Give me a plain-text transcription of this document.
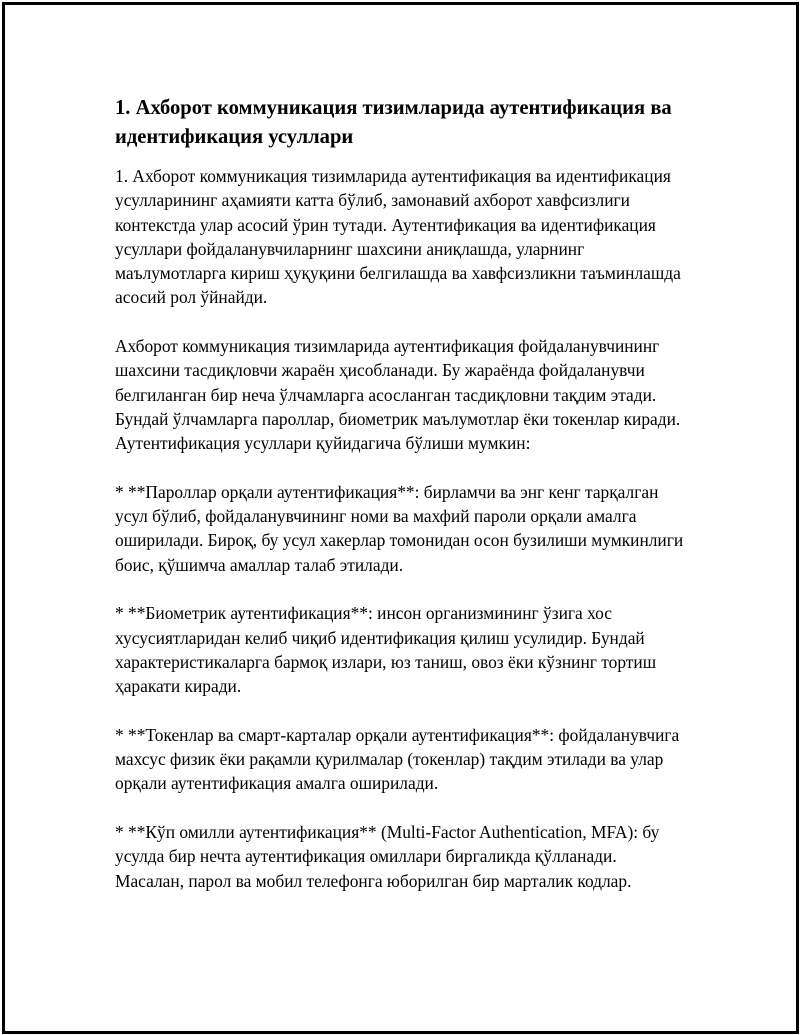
1. Ахборот коммуникация тизимларида аутентификация ва идентификация усуллари

1. Ахборот коммуникация тизимларида аутентификация ва идентификация усулларининг аҳамияти катта бўлиб, замонавий ахборот хавфсизлиги контекстда улар асосий ўрин тутади. Аутентификация ва идентификация усуллари фойдаланувчиларнинг шахсини аниқлашда, уларнинг маълумотларга кириш ҳуқуқини белгилашда ва хавфсизликни таъминлашда асосий рол ўйнайди.

Ахборот коммуникация тизимларида аутентификация фойдаланувчининг шахсини тасдиқловчи жараён ҳисобланади. Бу жараёнда фойдаланувчи белгиланган бир неча ўлчамларга асосланган тасдиқловни тақдим этади. Бундай ўлчамларга пароллар, биометрик маълумотлар ёки токенлар киради. Аутентификация усуллари қуйидагича бўлиши мумкин:

* **Пароллар орқали аутентификация**: бирламчи ва энг кенг тарқалган усул бўлиб, фойдаланувчининг номи ва махфий пароли орқали амалга оширилади. Бироқ, бу усул хакерлар томонидан осон бузилиши мумкинлиги боис, қўшимча амаллар талаб этилади.

* **Биометрик аутентификация**: инсон организмининг ўзига хос хусусиятларидан келиб чиқиб идентификация қилиш усулидир. Бундай характеристикаларга бармоқ излари, юз таниш, овоз ёки кўзнинг тортиш ҳаракати киради.

* **Токенлар ва смарт-карталар орқали аутентификация**: фойдаланувчига махсус физик ёки рақамли қурилмалар (токенлар) тақдим этилади ва улар орқали аутентификация амалга оширилади.

* **Кўп омилли аутентификация** (Multi-Factor Authentication, MFA): бу усулда бир нечта аутентификация омиллари биргаликда қўлланади. Масалан, парол ва мобил телефонга юборилган бир марталик кодлар.
